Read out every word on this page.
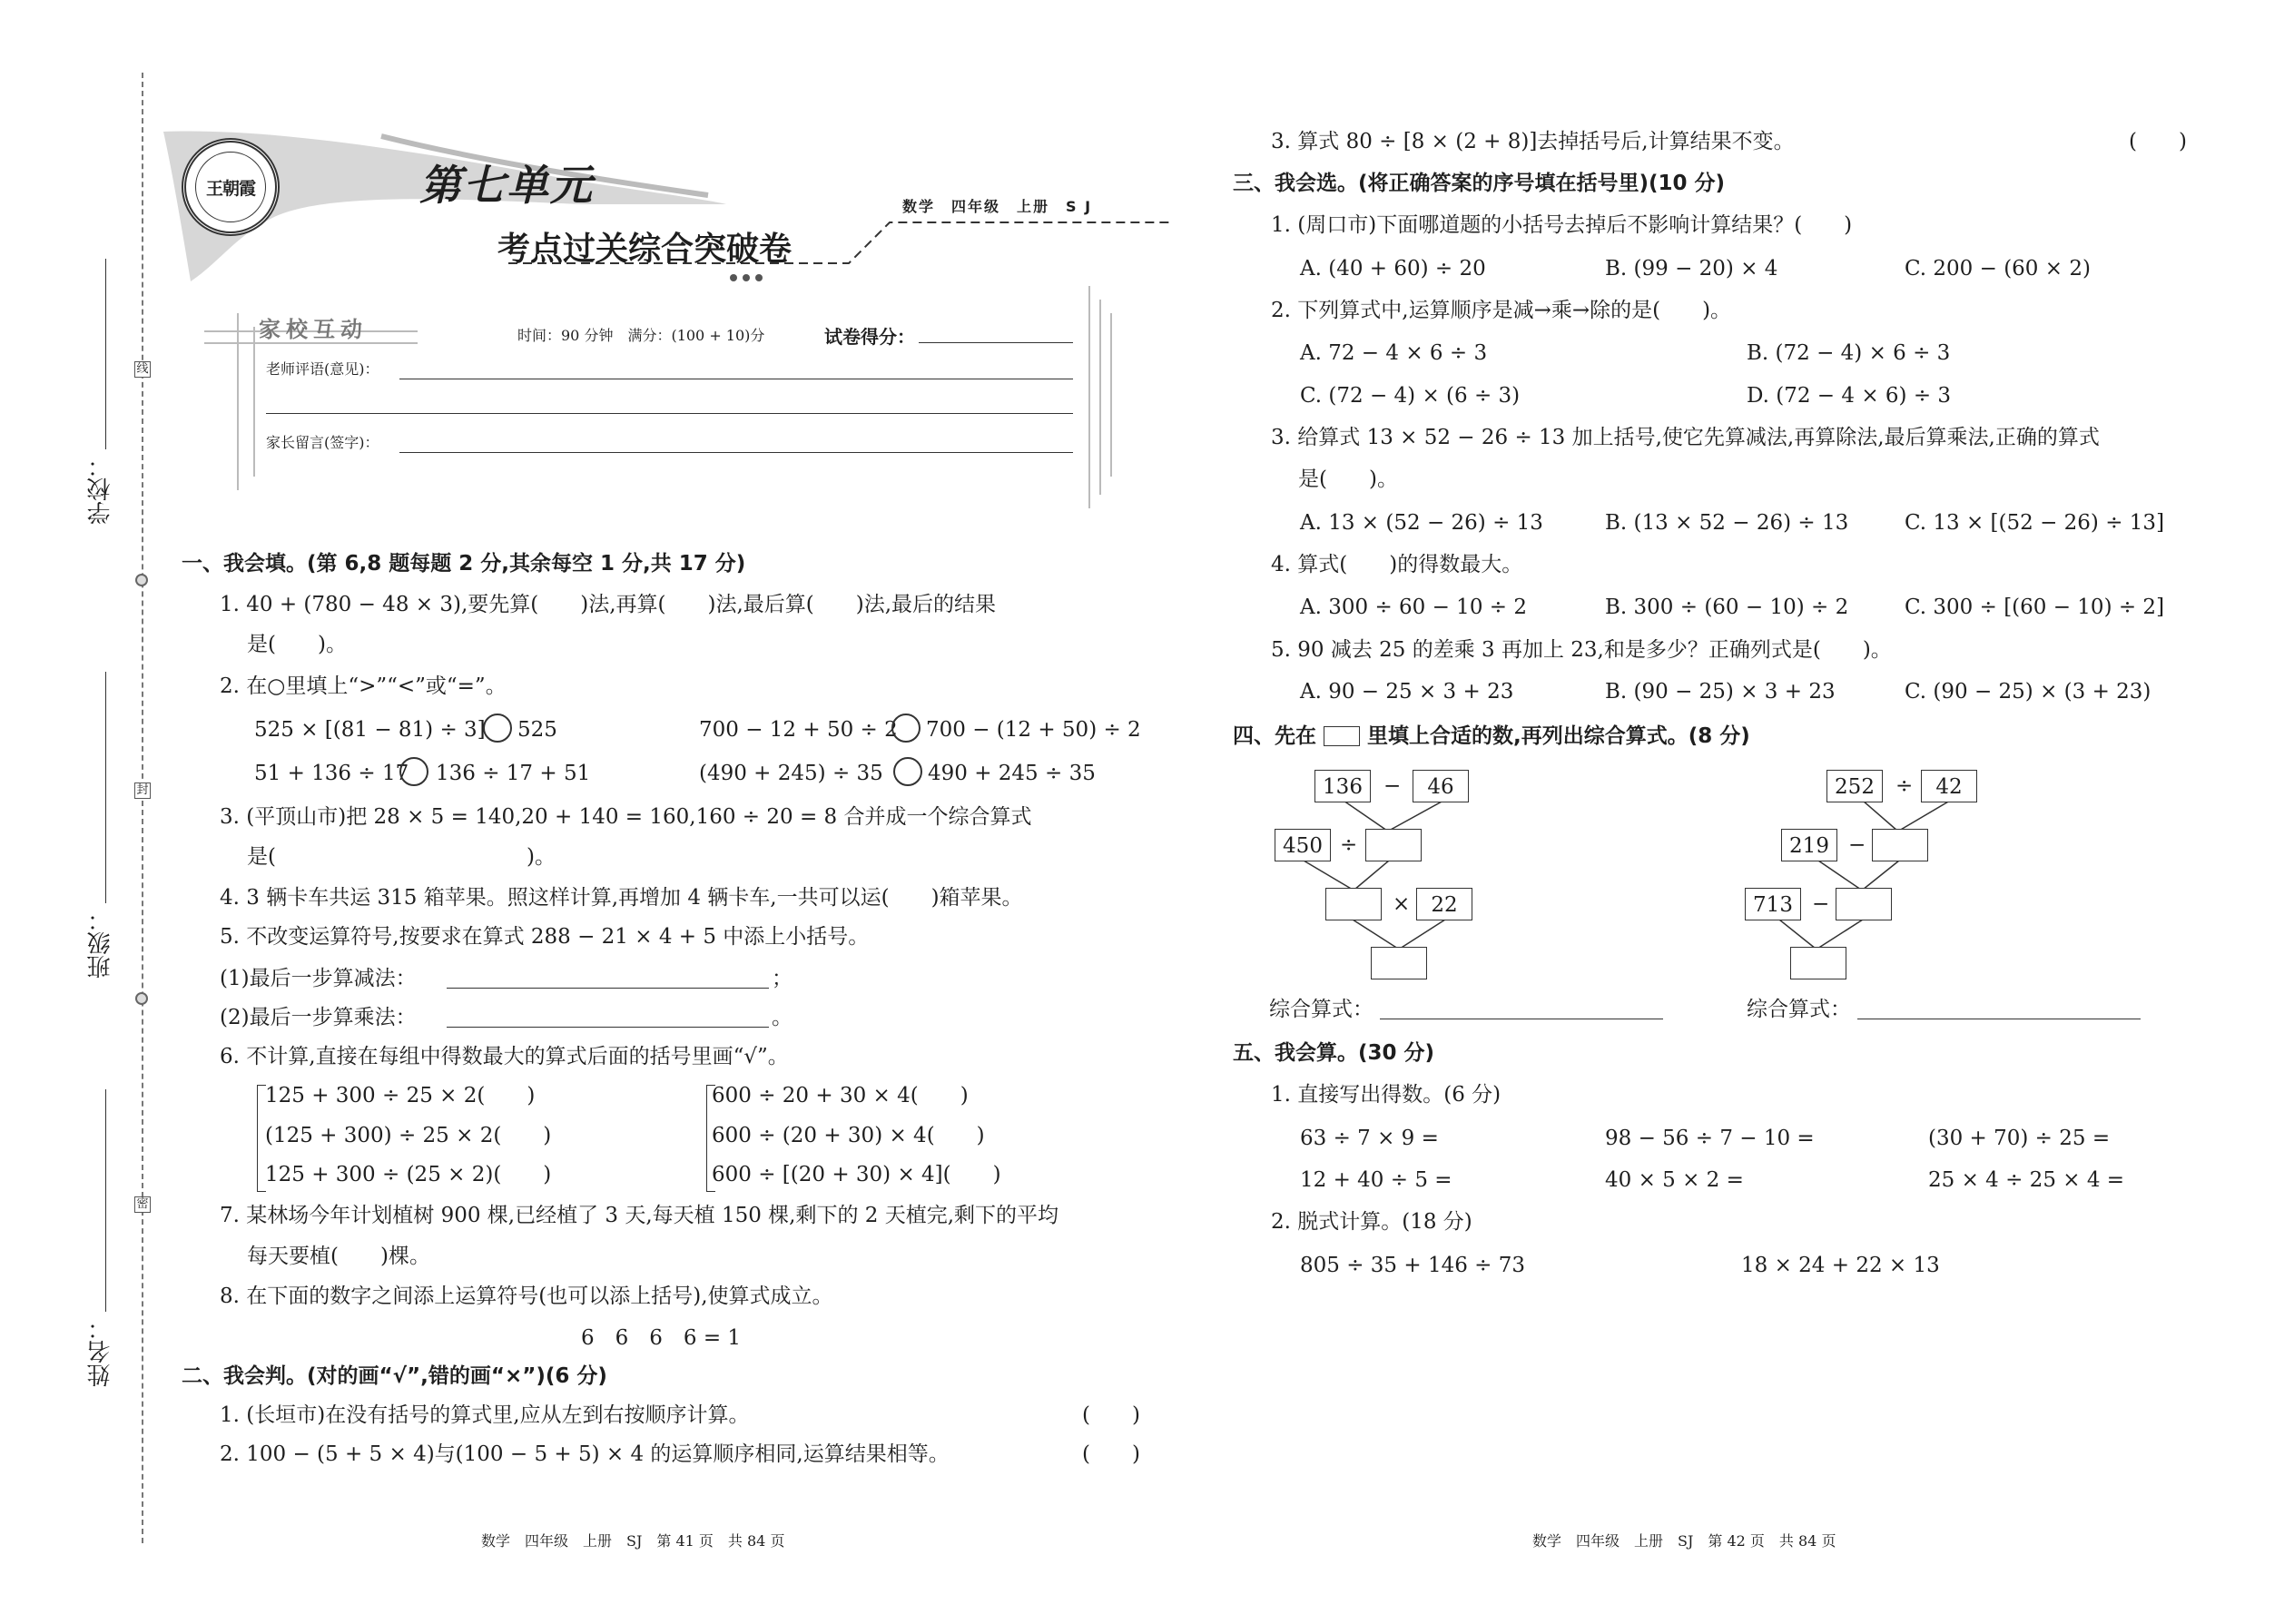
学校：
班级：
姓名：
线
封
密
王朝霞	第七单元
考点过关综合突破卷
数学　四年级　上册　S J
家校互动	时间：90 分钟　满分：(100 + 10)分	试卷得分：
老师评语(意见)：
家长留言(签字)：
一、我会填。(第 6,8 题每题 2 分,其余每空 1 分,共 17 分)
1. 40 + (780 − 48 × 3),要先算(　　)法,再算(　　)法,最后算(　　)法,最后的结果
是(　　)。
2. 在○里填上“>”“<”或“=”。
525 × [(81 − 81) ÷ 3] 525	700 − 12 + 50 ÷ 2 700 − (12 + 50) ÷ 2
51 + 136 ÷ 17 136 ÷ 17 + 51	(490 + 245) ÷ 35 490 + 245 ÷ 35
3. (平顶山市)把 28 × 5 = 140,20 + 140 = 160,160 ÷ 20 = 8 合并成一个综合算式
是(　　　　　　　　　　　　)。
4. 3 辆卡车共运 315 箱苹果。照这样计算,再增加 4 辆卡车,一共可以运(　　)箱苹果。
5. 不改变运算符号,按要求在算式 288 − 21 × 4 + 5 中添上小括号。
(1)最后一步算减法：	；
(2)最后一步算乘法：	。
6. 不计算,直接在每组中得数最大的算式后面的括号里画“√”。
125 + 300 ÷ 25 × 2(　　)
(125 + 300) ÷ 25 × 2(　　)
125 + 300 ÷ (25 × 2)(　　)
600 ÷ 20 + 30 × 4(　　)
600 ÷ (20 + 30) × 4(　　)
600 ÷ [(20 + 30) × 4](　　)
7. 某林场今年计划植树 900 棵,已经植了 3 天,每天植 150 棵,剩下的 2 天植完,剩下的平均
每天要植(　　)棵。
8. 在下面的数字之间添上运算符号(也可以添上括号),使算式成立。
6　6　6　6 = 1
二、我会判。(对的画“√”,错的画“×”)(6 分)
1. (长垣市)在没有括号的算式里,应从左到右按顺序计算。	(　　)
2. 100 − (5 + 5 × 4)与(100 − 5 + 5) × 4 的运算顺序相同,运算结果相等。	(　　)
数学　四年级　上册　SJ　第 41 页　共 84 页
3. 算式 80 ÷ [8 × (2 + 8)]去掉括号后,计算结果不变。	(　　)
三、我会选。(将正确答案的序号填在括号里)(10 分)
1. (周口市)下面哪道题的小括号去掉后不影响计算结果？(　　)
A. (40 + 60) ÷ 20	B. (99 − 20) × 4	C. 200 − (60 × 2)
2. 下列算式中,运算顺序是减→乘→除的是(　　)。
A. 72 − 4 × 6 ÷ 3	B. (72 − 4) × 6 ÷ 3
C. (72 − 4) × (6 ÷ 3)	D. (72 − 4 × 6) ÷ 3
3. 给算式 13 × 52 − 26 ÷ 13 加上括号,使它先算减法,再算除法,最后算乘法,正确的算式
是(　　)。
A. 13 × (52 − 26) ÷ 13	B. (13 × 52 − 26) ÷ 13	C. 13 × [(52 − 26) ÷ 13]
4. 算式(　　)的得数最大。
A. 300 ÷ 60 − 10 ÷ 2	B. 300 ÷ (60 − 10) ÷ 2	C. 300 ÷ [(60 − 10) ÷ 2]
5. 90 减去 25 的差乘 3 再加上 23,和是多少？正确列式是(　　)。
A. 90 − 25 × 3 + 23	B. (90 − 25) × 3 + 23	C. (90 − 25) × (3 + 23)
四、先在 里填上合适的数,再列出综合算式。(8 分)
136	−	46
450 ÷
×	22
综合算式：
252	÷	42
219 −
713 −
综合算式：
五、我会算。(30 分)
1. 直接写出得数。(6 分)
63 ÷ 7 × 9 =	98 − 56 ÷ 7 − 10 =	(30 + 70) ÷ 25 =
12 + 40 ÷ 5 =	40 × 5 × 2 =	25 × 4 ÷ 25 × 4 =
2. 脱式计算。(18 分)
805 ÷ 35 + 146 ÷ 73	18 × 24 + 22 × 13
数学　四年级　上册　SJ　第 42 页　共 84 页
